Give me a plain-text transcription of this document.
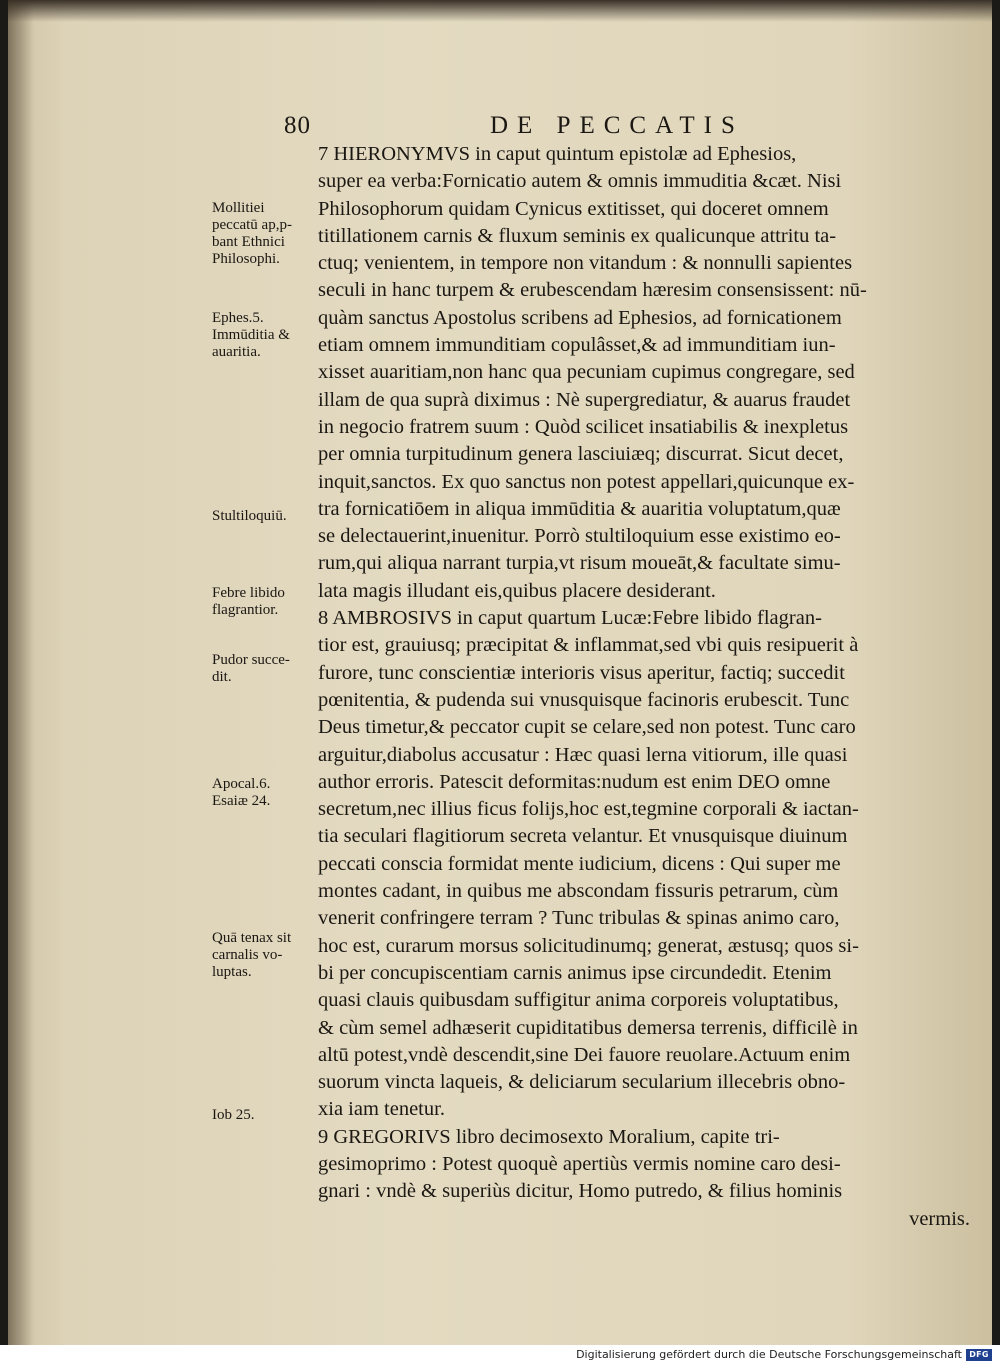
80	DE PECCATIS
7 HIERONYMVS in caput quintum epistolæ ad Ephesios,
super ea verba:Fornicatio autem & omnis immuditia &cæt. Nisi
Philosophorum quidam Cynicus extitisset, qui doceret omnem
titillationem carnis & fluxum seminis ex qualicunque attritu ta-
ctuq; venientem, in tempore non vitandum : & nonnulli sapientes
seculi in hanc turpem & erubescendam hæresim consensissent: nū-
quàm sanctus Apostolus scribens ad Ephesios, ad fornicationem
etiam omnem immunditiam copulâsset,& ad immunditiam iun-
xisset auaritiam,non hanc qua pecuniam cupimus congregare, sed
illam de qua suprà diximus : Nè supergrediatur, & auarus fraudet
in negocio fratrem suum : Quòd scilicet insatiabilis & inexpletus
per omnia turpitudinum genera lasciuiæq; discurrat. Sicut decet,
inquit,sanctos. Ex quo sanctus non potest appellari,quicunque ex-
tra fornicatiōem in aliqua immūditia & auaritia voluptatum,quæ
se delectauerint,inuenitur. Porrò stultiloquium esse existimo eo-
rum,qui aliqua narrant turpia,vt risum moueāt,& facultate simu-
lata magis illudant eis,quibus placere desiderant.
8 AMBROSIVS in caput quartum Lucæ:Febre libido flagran-
tior est, grauiusq; præcipitat & inflammat,sed vbi quis resipuerit à
furore, tunc conscientiæ interioris visus aperitur, factiq; succedit
pœnitentia, & pudenda sui vnusquisque facinoris erubescit. Tunc
Deus timetur,& peccator cupit se celare,sed non potest. Tunc caro
arguitur,diabolus accusatur : Hæc quasi lerna vitiorum, ille quasi
author erroris. Patescit deformitas:nudum est enim DEO omne
secretum,nec illius ficus folijs,hoc est,tegmine corporali & iactan-
tia seculari flagitiorum secreta velantur. Et vnusquisque diuinum
peccati conscia formidat mente iudicium, dicens : Qui super me
montes cadant, in quibus me abscondam fissuris petrarum, cùm
venerit confringere terram ? Tunc tribulas & spinas animo caro,
hoc est, curarum morsus solicitudinumq; generat, æstusq; quos si-
bi per concupiscentiam carnis animus ipse circundedit. Etenim
quasi clauis quibusdam suffigitur anima corporeis voluptatibus,
& cùm semel adhæserit cupiditatibus demersa terrenis, difficilè in
altū potest,vndè descendit,sine Dei fauore reuolare.Actuum enim
suorum vincta laqueis, & deliciarum secularium illecebris obno-
xia iam tenetur.
9 GREGORIVS libro decimosexto Moralium, capite tri-
gesimoprimo : Potest quoquè apertiùs vermis nomine caro desi-
gnari : vndè & superiùs dicitur, Homo putredo, & filius hominis
vermis.
Mollitiei
peccatū ap,p-
bant Ethnici
Philosophi.
Ephes.5.
Immūditia &
auaritia.
Stultiloquiū.
Febre libido
flagrantior.
Pudor succe-
dit.
Apocal.6.
Esaiæ 24.
Quā tenax sit
carnalis vo-
luptas.
Iob 25.
Digitalisierung gefördert durch die Deutsche Forschungsgemeinschaft DFG
